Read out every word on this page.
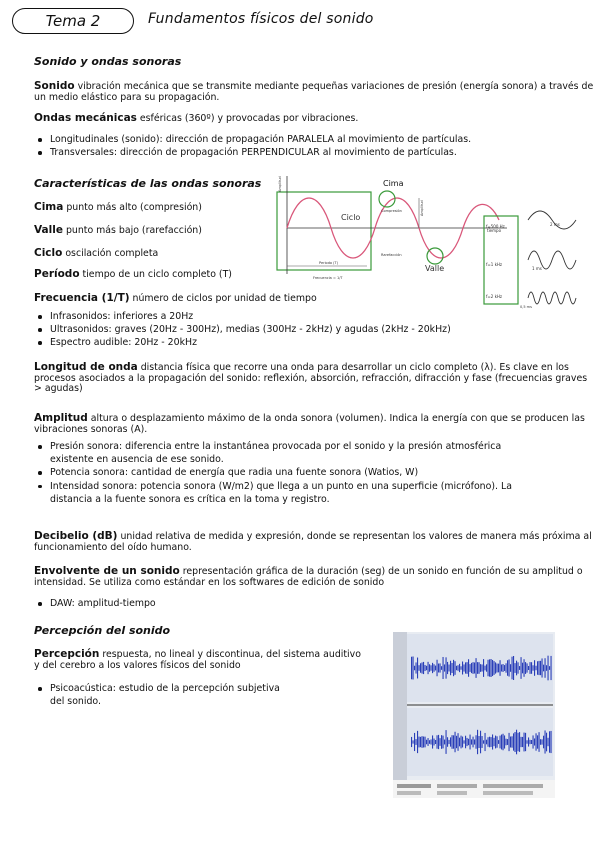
Tema 2	Fundamentos físicos del sonido
Sonido y ondas sonoras
Sonido vibración mecánica que se transmite mediante pequeñas variaciones de presión (energía sonora) a través de un medio elástico para su propagación.
Ondas mecánicas esféricas (360º) y provocadas por vibraciones.
Longitudinales (sonido): dirección de propagación PARALELA al movimiento de partículas.
Transversales: dirección de propagación PERPENDICULAR al movimiento de partículas.
Características de las ondas sonoras
Cima punto más alto (compresión)
Valle punto más bajo (rarefacción)
Ciclo oscilación completa
Período tiempo de un ciclo completo (T)
Frecuencia (1/T) número de ciclos por unidad de tiempo
Infrasonidos: inferiores a 20Hz
Ultrasonidos: graves (20Hz - 300Hz), medias (300Hz - 2kHz) y agudas (2kHz - 20kHz)
Espectro audible: 20Hz - 20kHz
Cima
Ciclo
Valle
Compresión
Rarefacción
tiempo
Periodo (T)
Frecuencia = 1/T
Amplitud
Amplitud
f=500 Hz
f=1 kHz
f=2 kHz
2 ms
1 ms
0,5 ms
Longitud de onda distancia física que recorre una onda para desarrollar un ciclo completo (λ). Es clave en los procesos asociados a la propagación del sonido: reflexión, absorción, refracción, difracción y fase (frecuencias graves > agudas)
Amplitud altura o desplazamiento máximo de la onda sonora (volumen). Indica la energía con que se producen las vibraciones sonoras (A).
Presión sonora: diferencia entre la instantánea provocada por el sonido y la presión atmosférica existente en ausencia de ese sonido.
Potencia sonora: cantidad de energía que radia una fuente sonora (Watios, W)
Intensidad sonora: potencia sonora (W/m2) que llega a un punto en una superficie (micrófono). La distancia a la fuente sonora es crítica en la toma y registro.
Decibelio (dB) unidad relativa de medida y expresión, donde se representan los valores de manera más próxima al funcionamiento del oído humano.
Envolvente de un sonido representación gráfica de la duración (seg) de un sonido en función de su amplitud o intensidad. Se utiliza como estándar en los softwares de edición de sonido
DAW: amplitud-tiempo
Percepción del sonido
Percepción respuesta, no lineal y discontinua, del sistema auditivo y del cerebro a los valores físicos del sonido
Psicoacústica: estudio de la percepción subjetiva del sonido.
